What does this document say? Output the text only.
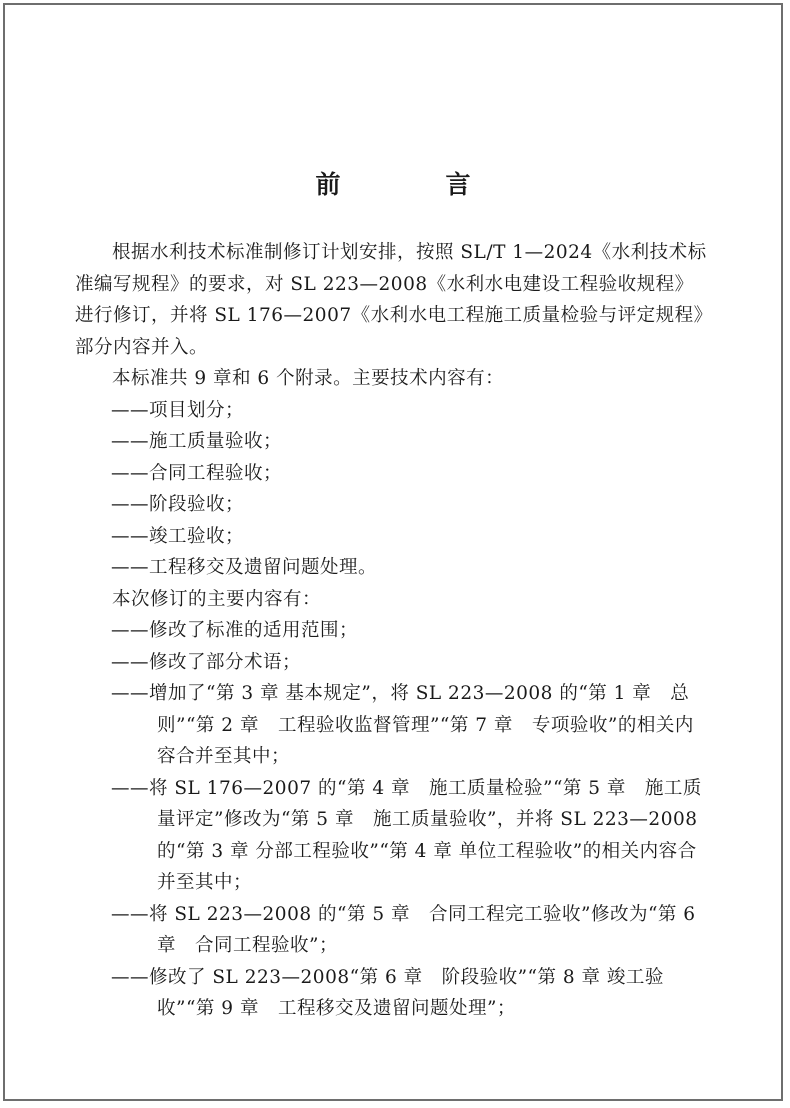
前　言

根据水利技术标准制修订计划安排，按照 SL/T 1—2024《水利技术标准编写规程》的要求，对 SL 223—2008《水利水电建设工程验收规程》进行修订，并将 SL 176—2007《水利水电工程施工质量检验与评定规程》部分内容并入。

本标准共 9 章和 6 个附录。主要技术内容有：

——项目划分；
——施工质量验收；
——合同工程验收；
——阶段验收；
——竣工验收；
——工程移交及遗留问题处理。

本次修订的主要内容有：

——修改了标准的适用范围；
——修改了部分术语；

——增加了“第 3 章 基本规定”，将 SL 223—2008 的“第 1 章　总则”“第 2 章　工程验收监督管理”“第 7 章　专项验收”的相关内容合并至其中；

——将 SL 176—2007 的“第 4 章　施工质量检验”“第 5 章　施工质量评定”修改为“第 5 章　施工质量验收”，并将 SL 223—2008 的“第 3 章 分部工程验收”“第 4 章 单位工程验收”的相关内容合并至其中；

——将 SL 223—2008 的“第 5 章　合同工程完工验收”修改为“第 6 章　合同工程验收”；

——修改了 SL 223—2008“第 6 章　阶段验收”“第 8 章 竣工验收”“第 9 章　工程移交及遗留问题处理”；
